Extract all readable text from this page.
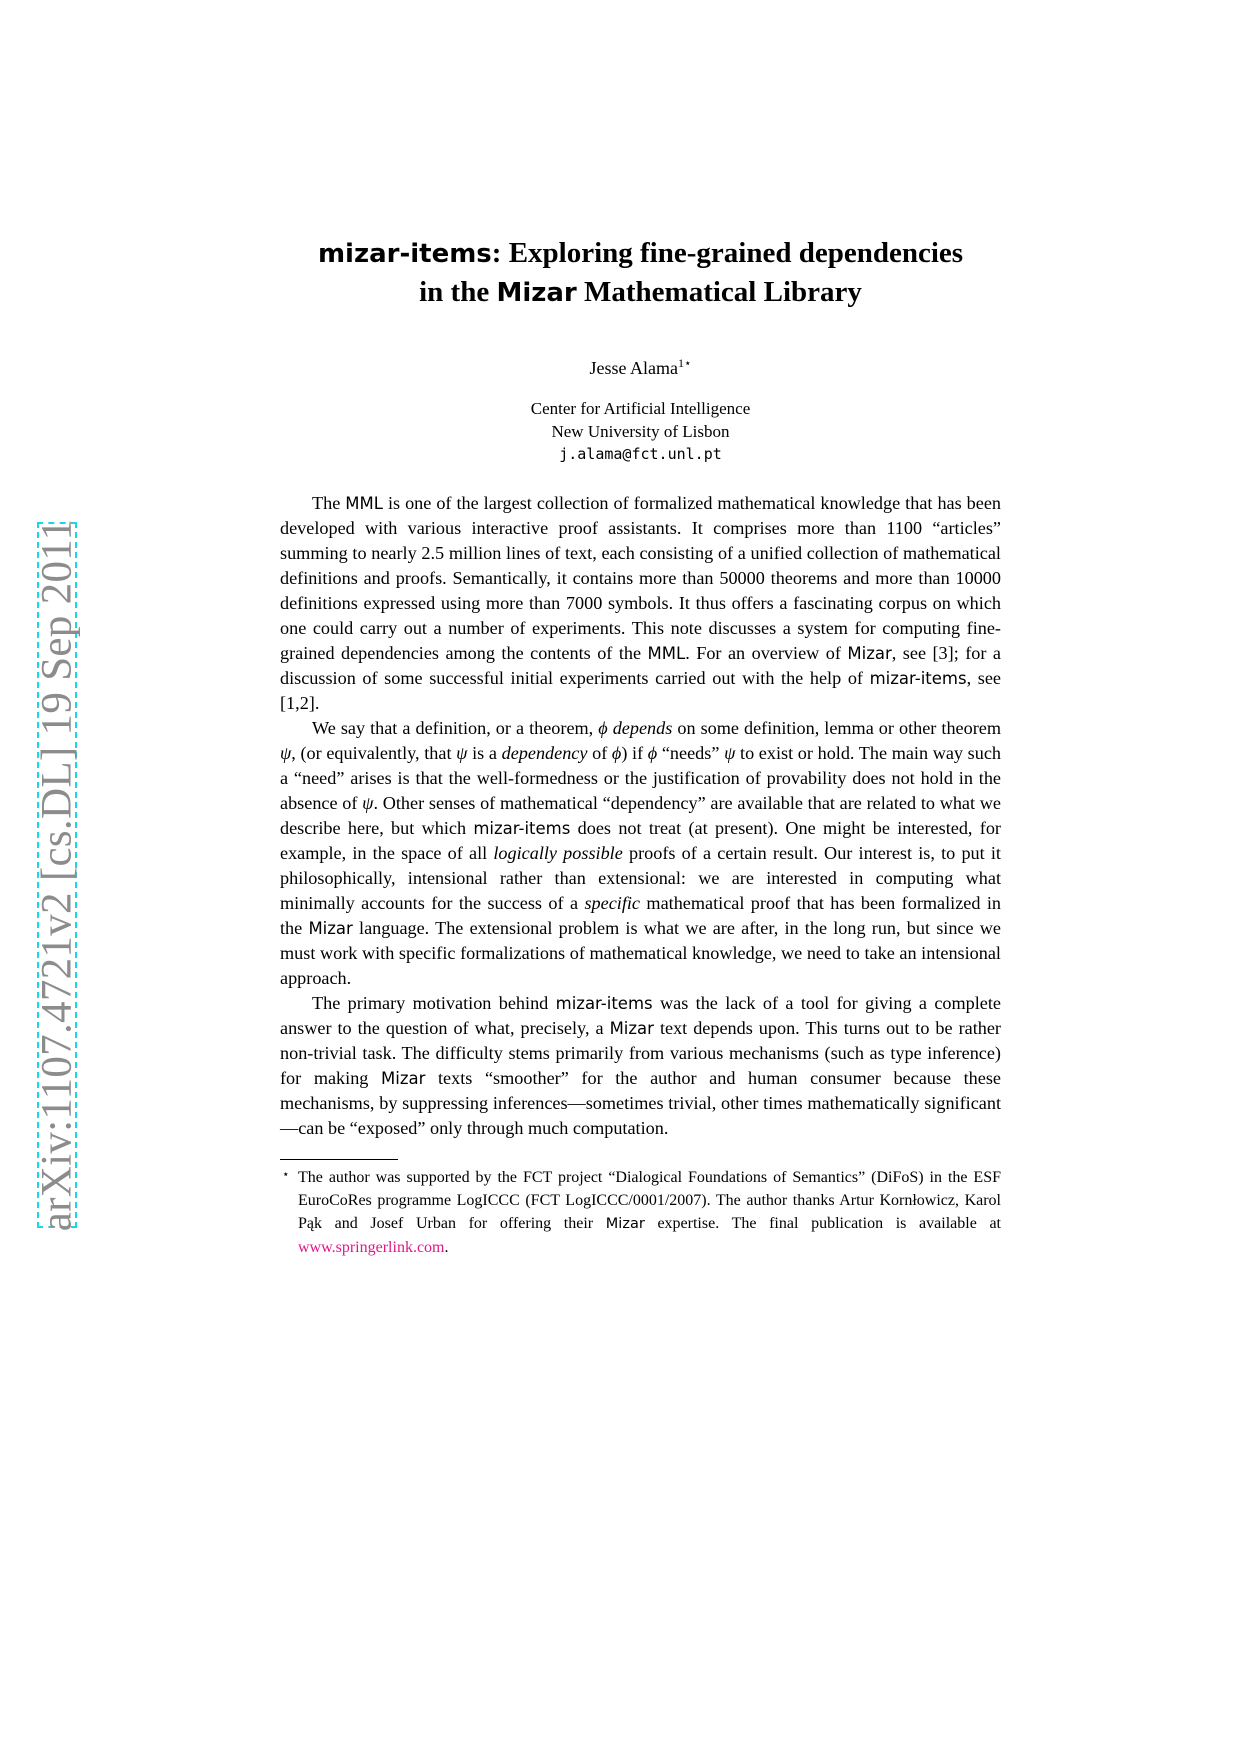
arXiv:1107.4721v2 [cs.DL] 19 Sep 2011
mizar-items: Exploring fine-grained dependencies
in the Mizar Mathematical Library
Jesse Alama$^{1⋆}$
Center for Artificial Intelligence
New University of Lisbon
j.alama@fct.unl.pt

The MML is one of the largest collection of formalized mathematical knowledge that has been developed with various interactive proof assistants. It comprises more than 1100 “articles” summing to nearly 2.5 million lines of text, each consisting of a unified collection of mathematical definitions and proofs. Semantically, it contains more than 50000 theorems and more than 10000 definitions expressed using more than 7000 symbols. It thus offers a fascinating corpus on which one could carry out a number of experiments. This note discusses a system for computing fine-grained dependencies among the contents of the MML. For an overview of Mizar, see [3]; for a discussion of some successful initial experiments carried out with the help of mizar-items, see [1,2].

We say that a definition, or a theorem, ϕ depends on some definition, lemma or other theorem ψ, (or equivalently, that ψ is a dependency of ϕ) if ϕ “needs” ψ to exist or hold. The main way such a “need” arises is that the well-formedness or the justification of provability does not hold in the absence of ψ. Other senses of mathematical “dependency” are available that are related to what we describe here, but which mizar-items does not treat (at present). One might be interested, for example, in the space of all logically possible proofs of a certain result. Our interest is, to put it philosophically, intensional rather than extensional: we are interested in computing what minimally accounts for the success of a specific mathematical proof that has been formalized in the Mizar language. The extensional problem is what we are after, in the long run, but since we must work with specific formalizations of mathematical knowledge, we need to take an intensional approach.

The primary motivation behind mizar-items was the lack of a tool for giving a complete answer to the question of what, precisely, a Mizar text depends upon. This turns out to be rather non-trivial task. The difficulty stems primarily from various mechanisms (such as type inference) for making Mizar texts “smoother” for the author and human consumer because these mechanisms, by suppressing inferences—sometimes trivial, other times mathematically significant—can be “exposed” only through much computation.

⋆ The author was supported by the FCT project “Dialogical Foundations of Semantics” (DiFoS) in the ESF EuroCoRes programme LogICCC (FCT LogICCC/0001/2007). The author thanks Artur Kornłowicz, Karol Pąk and Josef Urban for offering their Mizar expertise. The final publication is available at www.springerlink.com.
